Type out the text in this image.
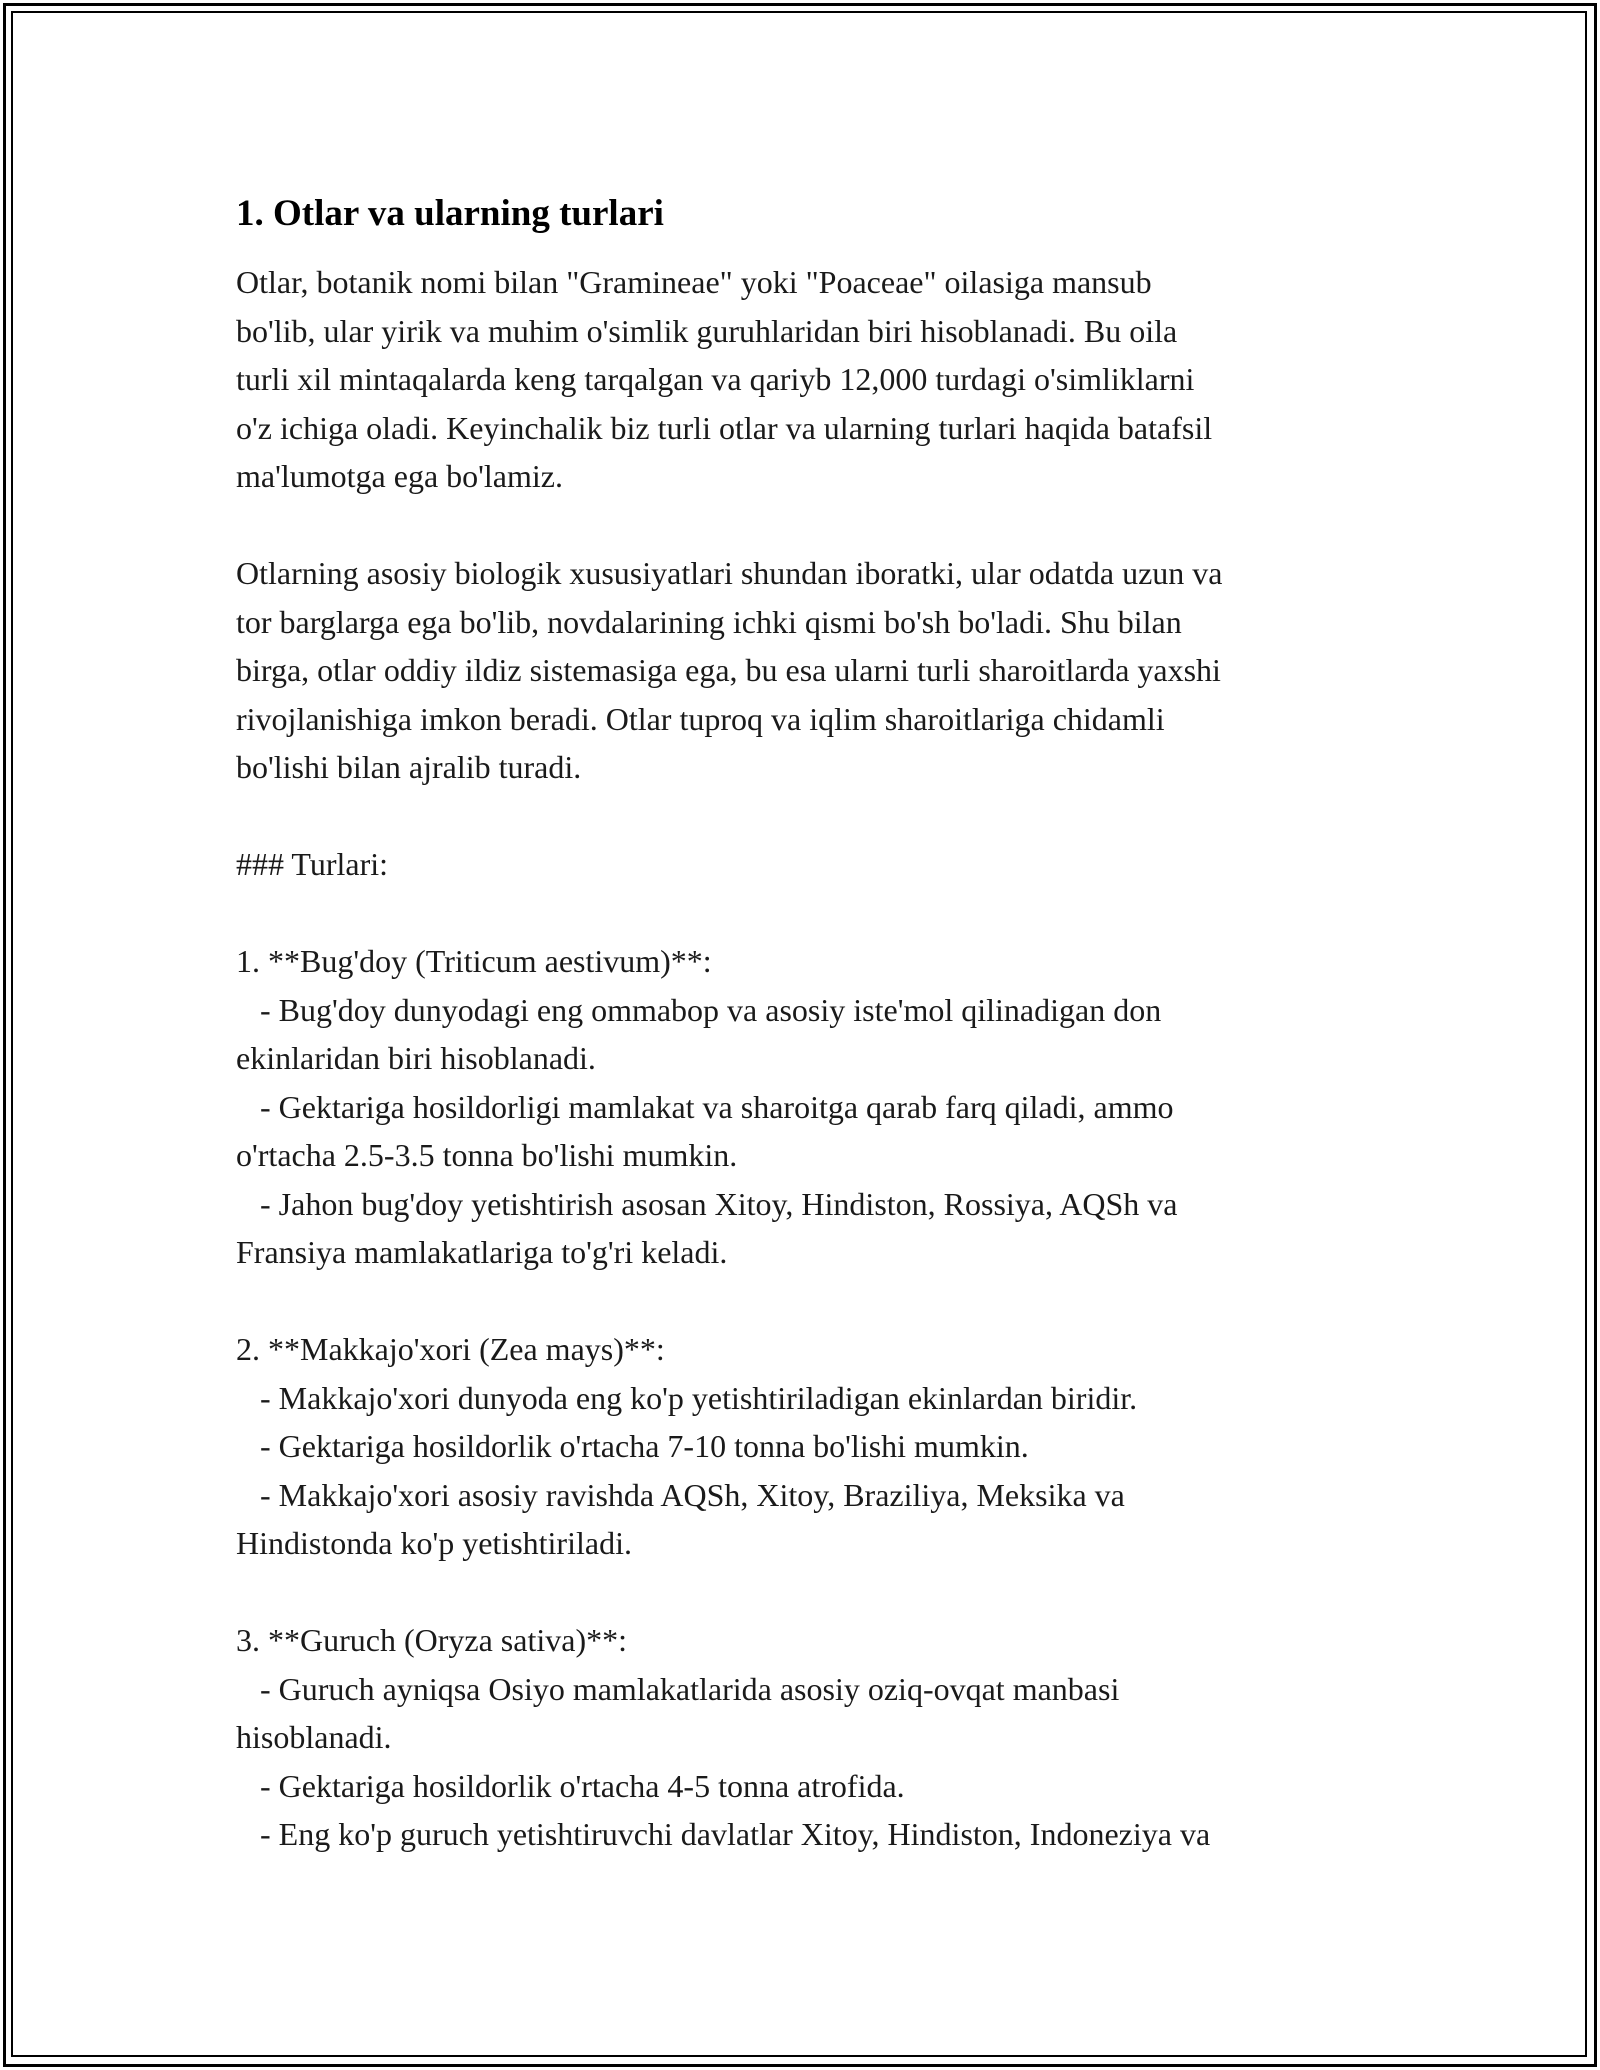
1. Otlar va ularning turlari
Otlar, botanik nomi bilan "Gramineae" yoki "Poaceae" oilasiga mansub
bo'lib, ular yirik va muhim o'simlik guruhlaridan biri hisoblanadi. Bu oila
turli xil mintaqalarda keng tarqalgan va qariyb 12,000 turdagi o'simliklarni
o'z ichiga oladi. Keyinchalik biz turli otlar va ularning turlari haqida batafsil
ma'lumotga ega bo'lamiz.
Otlarning asosiy biologik xususiyatlari shundan iboratki, ular odatda uzun va
tor barglarga ega bo'lib, novdalarining ichki qismi bo'sh bo'ladi. Shu bilan
birga, otlar oddiy ildiz sistemasiga ega, bu esa ularni turli sharoitlarda yaxshi
rivojlanishiga imkon beradi. Otlar tuproq va iqlim sharoitlariga chidamli
bo'lishi bilan ajralib turadi.
### Turlari:
1. **Bug'doy (Triticum aestivum)**:
- Bug'doy dunyodagi eng ommabop va asosiy iste'mol qilinadigan don
ekinlaridan biri hisoblanadi.
- Gektariga hosildorligi mamlakat va sharoitga qarab farq qiladi, ammo
o'rtacha 2.5-3.5 tonna bo'lishi mumkin.
- Jahon bug'doy yetishtirish asosan Xitoy, Hindiston, Rossiya, AQSh va
Fransiya mamlakatlariga to'g'ri keladi.
2. **Makkajo'xori (Zea mays)**:
- Makkajo'xori dunyoda eng ko'p yetishtiriladigan ekinlardan biridir.
- Gektariga hosildorlik o'rtacha 7-10 tonna bo'lishi mumkin.
- Makkajo'xori asosiy ravishda AQSh, Xitoy, Braziliya, Meksika va
Hindistonda ko'p yetishtiriladi.
3. **Guruch (Oryza sativa)**:
- Guruch ayniqsa Osiyo mamlakatlarida asosiy oziq-ovqat manbasi
hisoblanadi.
- Gektariga hosildorlik o'rtacha 4-5 tonna atrofida.
- Eng ko'p guruch yetishtiruvchi davlatlar Xitoy, Hindiston, Indoneziya va
